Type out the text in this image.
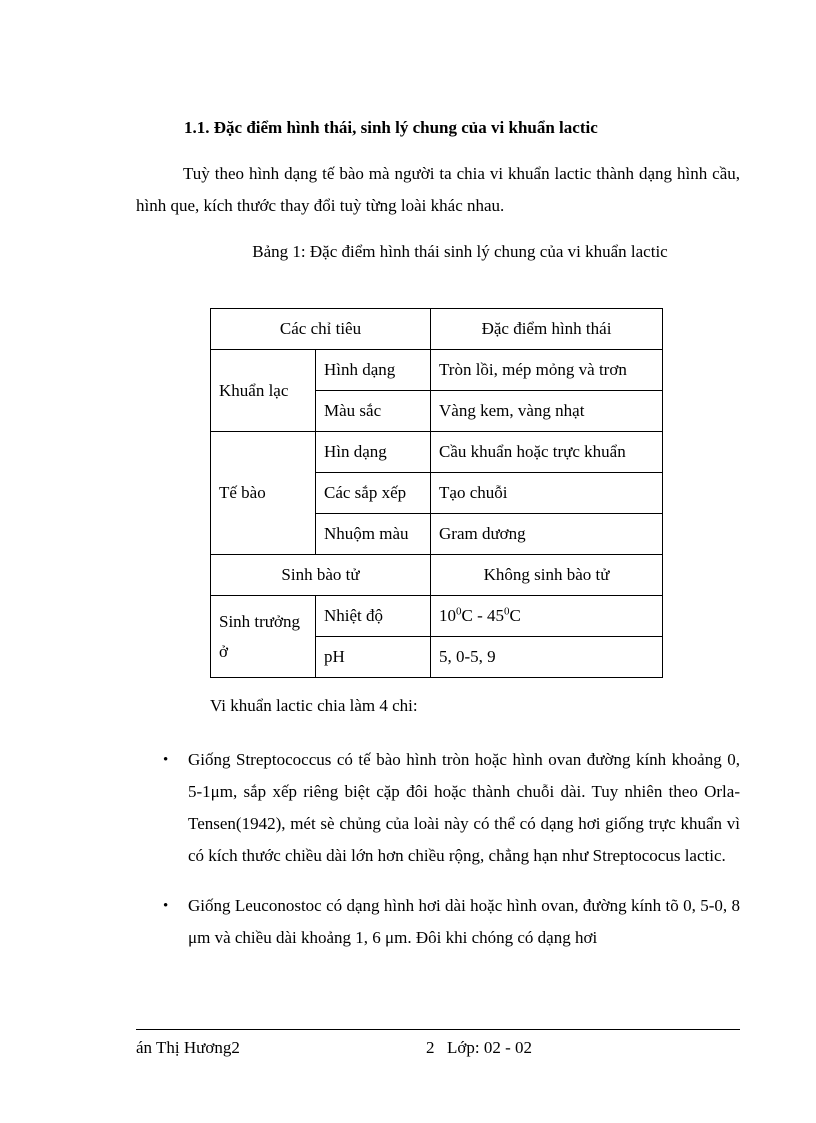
1.1. Đặc điểm hình thái, sinh lý chung của vi khuẩn lactic

Tuỳ theo hình dạng tế bào mà người ta chia vi khuẩn lactic thành dạng hình cầu, hình que, kích thước thay đổi tuỳ từng loài khác nhau.

Bảng 1: Đặc điểm hình thái sinh lý chung của vi khuẩn lactic

Các chỉ tiêu		Đặc điểm hình thái
Khuẩn lạc	Hình dạng	Tròn lồi, mép mỏng và trơn
	Màu sắc	Vàng kem, vàng nhạt
Tế bào	Hìn dạng	Cầu khuẩn hoặc trực khuẩn
	Các sắp xếp	Tạo chuỗi
	Nhuộm màu	Gram dương
Sinh bào tử		Không sinh bào tử
Sinh trưởng ở	Nhiệt độ	$10^0C - 45^0C$
	pH	5, 0-5, 9

Vi khuẩn lactic chia làm 4 chi:

• Giống Streptococcus có tế bào hình tròn hoặc hình ovan đường kính khoảng 0, 5-1μm, sắp xếp riêng biệt cặp đôi hoặc thành chuỗi dài. Tuy nhiên theo Orla-Tensen(1942), mét sè chủng của loài này có thể có dạng hơi giống trực khuẩn vì có kích thước chiều dài lớn hơn chiều rộng, chẳng hạn như Streptococus lactic.
• Giống Leuconostoc có dạng hình hơi dài hoặc hình ovan, đường kính tõ 0, 5-0, 8 μm và chiều dài khoảng 1, 6 μm. Đôi khi chóng có dạng hơi
án Thị Hương2	2 Lớp: 02 - 02
